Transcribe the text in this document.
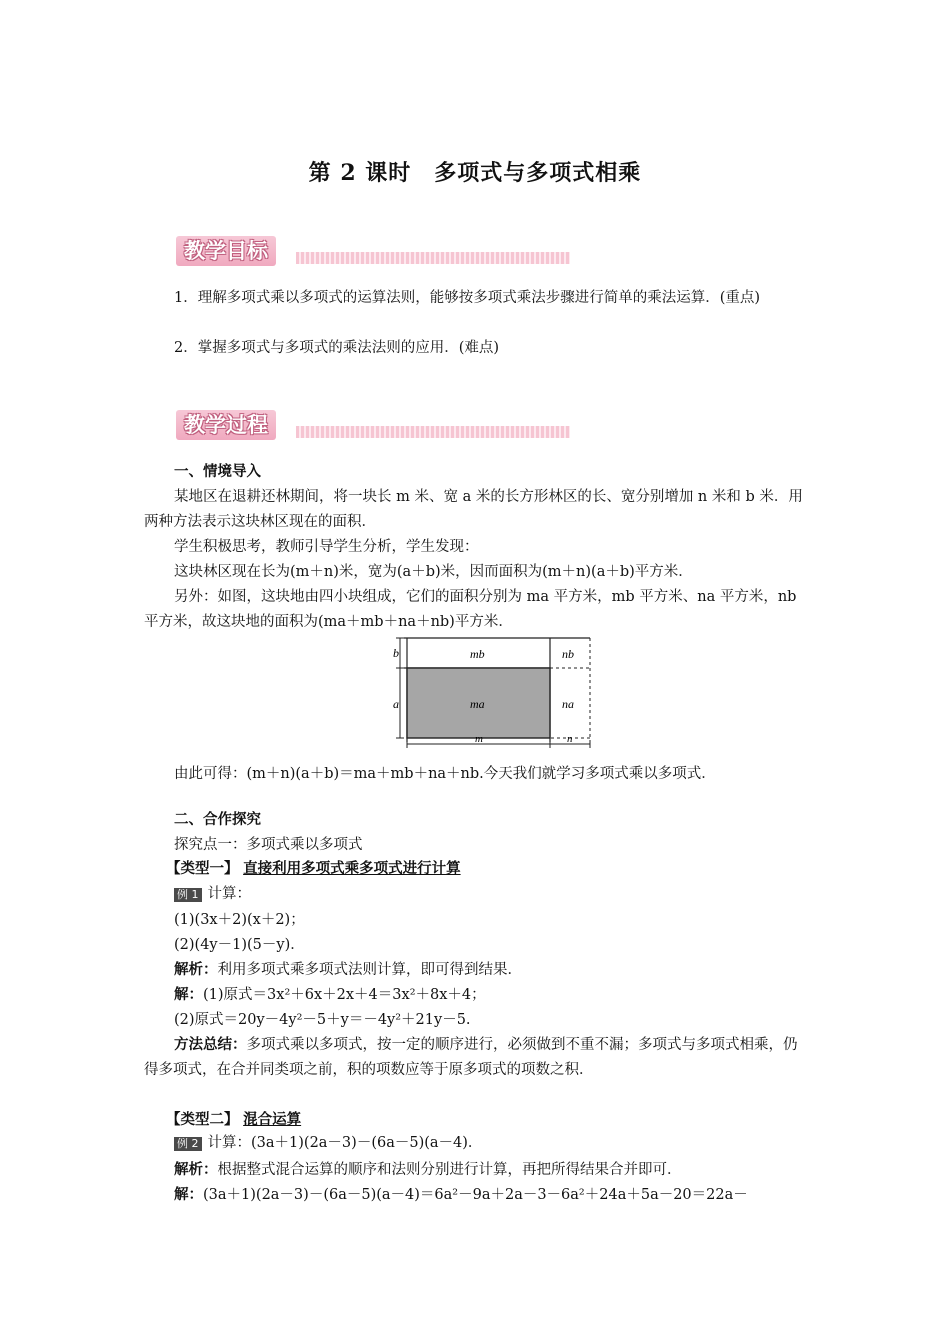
第 2 课时　多项式与多项式相乘
教学目标
1．理解多项式乘以多项式的运算法则，能够按多项式乘法步骤进行简单的乘法运算．(重点)
2．掌握多项式与多项式的乘法法则的应用．(难点)
教学过程
一、情境导入
某地区在退耕还林期间，将一块长 m 米、宽 a 米的长方形林区的长、宽分别增加 n 米和 b 米．用两种方法表示这块林区现在的面积．
学生积极思考，教师引导学生分析，学生发现：
这块林区现在长为(m＋n)米，宽为(a＋b)米，因而面积为(m＋n)(a＋b)平方米．
另外：如图，这块地由四小块组成，它们的面积分别为 ma 平方米，mb 平方米、na 平方米，nb 平方米，故这块地的面积为(ma＋mb＋na＋nb)平方米．
mb	nb
ma	na
a
b
m	n
由此可得：(m＋n)(a＋b)＝ma＋mb＋na＋nb.今天我们就学习多项式乘以多项式．
二、合作探究
探究点一：多项式乘以多项式
【类型一】 直接利用多项式乘多项式进行计算
例 1 计算：
(1)(3x＋2)(x＋2)；
(2)(4y－1)(5－y)．
解析：利用多项式乘多项式法则计算，即可得到结果．
解：(1)原式＝3x²＋6x＋2x＋4＝3x²＋8x＋4；
(2)原式＝20y－4y²－5＋y＝－4y²＋21y－5.
方法总结：多项式乘以多项式，按一定的顺序进行，必须做到不重不漏；多项式与多项式相乘，仍得多项式，在合并同类项之前，积的项数应等于原多项式的项数之积．
【类型二】 混合运算
例 2 计算：(3a＋1)(2a－3)－(6a－5)(a－4)．
解析：根据整式混合运算的顺序和法则分别进行计算，再把所得结果合并即可．
解：(3a＋1)(2a－3)－(6a－5)(a－4)＝6a²－9a＋2a－3－6a²＋24a＋5a－20＝22a－
